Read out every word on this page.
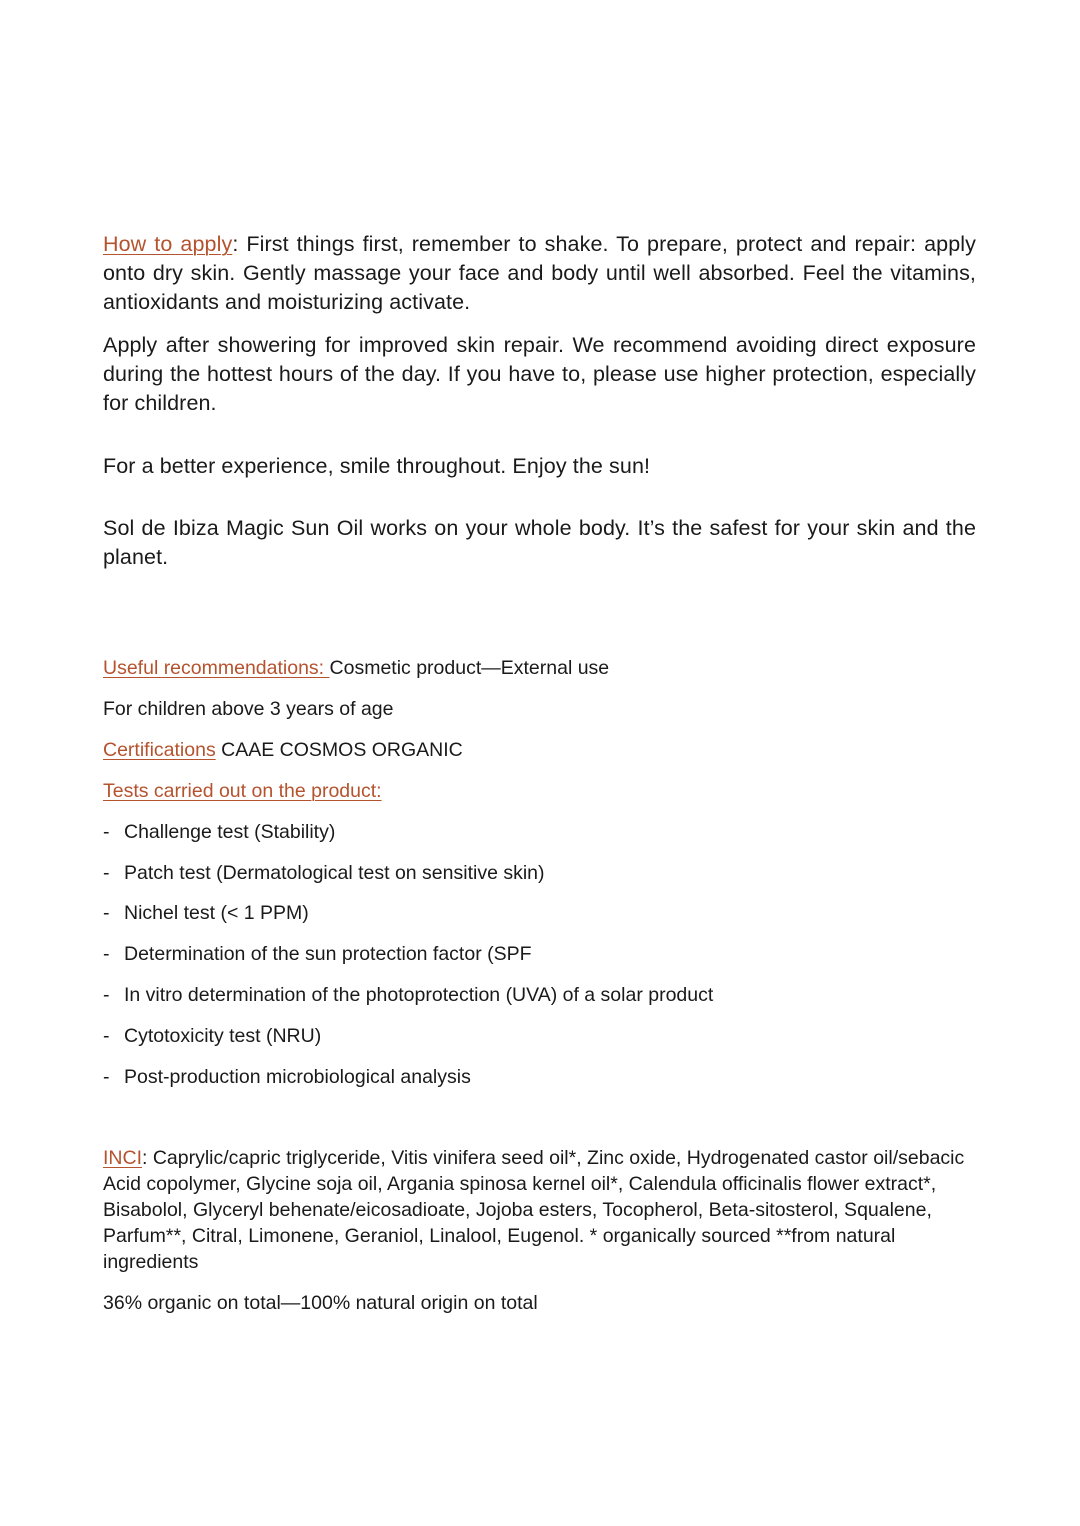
How to apply: First things first, remember to shake. To prepare, protect and repair: apply onto dry skin. Gently massage your face and body until well absorbed. Feel the vitamins, antioxidants and moisturizing activate.

Apply after showering for improved skin repair. We recommend avoiding direct exposure during the hottest hours of the day. If you have to, please use higher protection, especially for children.

For a better experience, smile throughout. Enjoy the sun!

Sol de Ibiza Magic Sun Oil works on your whole body. It’s the safest for your skin and the planet.

Useful recommendations: Cosmetic product—External use

For children above 3 years of age

Certifications CAAE COSMOS ORGANIC

Tests carried out on the product:

- Challenge test (Stability)

- Patch test (Dermatological test on sensitive skin)

- Nichel test (< 1 PPM)

- Determination of the sun protection factor (SPF

- In vitro determination of the photoprotection (UVA) of a solar product

- Cytotoxicity test (NRU)

- Post-production microbiological analysis

INCI: Caprylic/capric triglyceride, Vitis vinifera seed oil*, Zinc oxide, Hydrogenated castor oil/sebacic Acid copolymer, Glycine soja oil, Argania spinosa kernel oil*, Calendula officinalis flower extract*, Bisabolol, Glyceryl behenate/eicosadioate, Jojoba esters, Tocopherol, Beta-sitosterol, Squalene, Parfum**, Citral, Limonene, Geraniol, Linalool, Eugenol. * organically sourced **from natural ingredients

36% organic on total—100% natural origin on total
